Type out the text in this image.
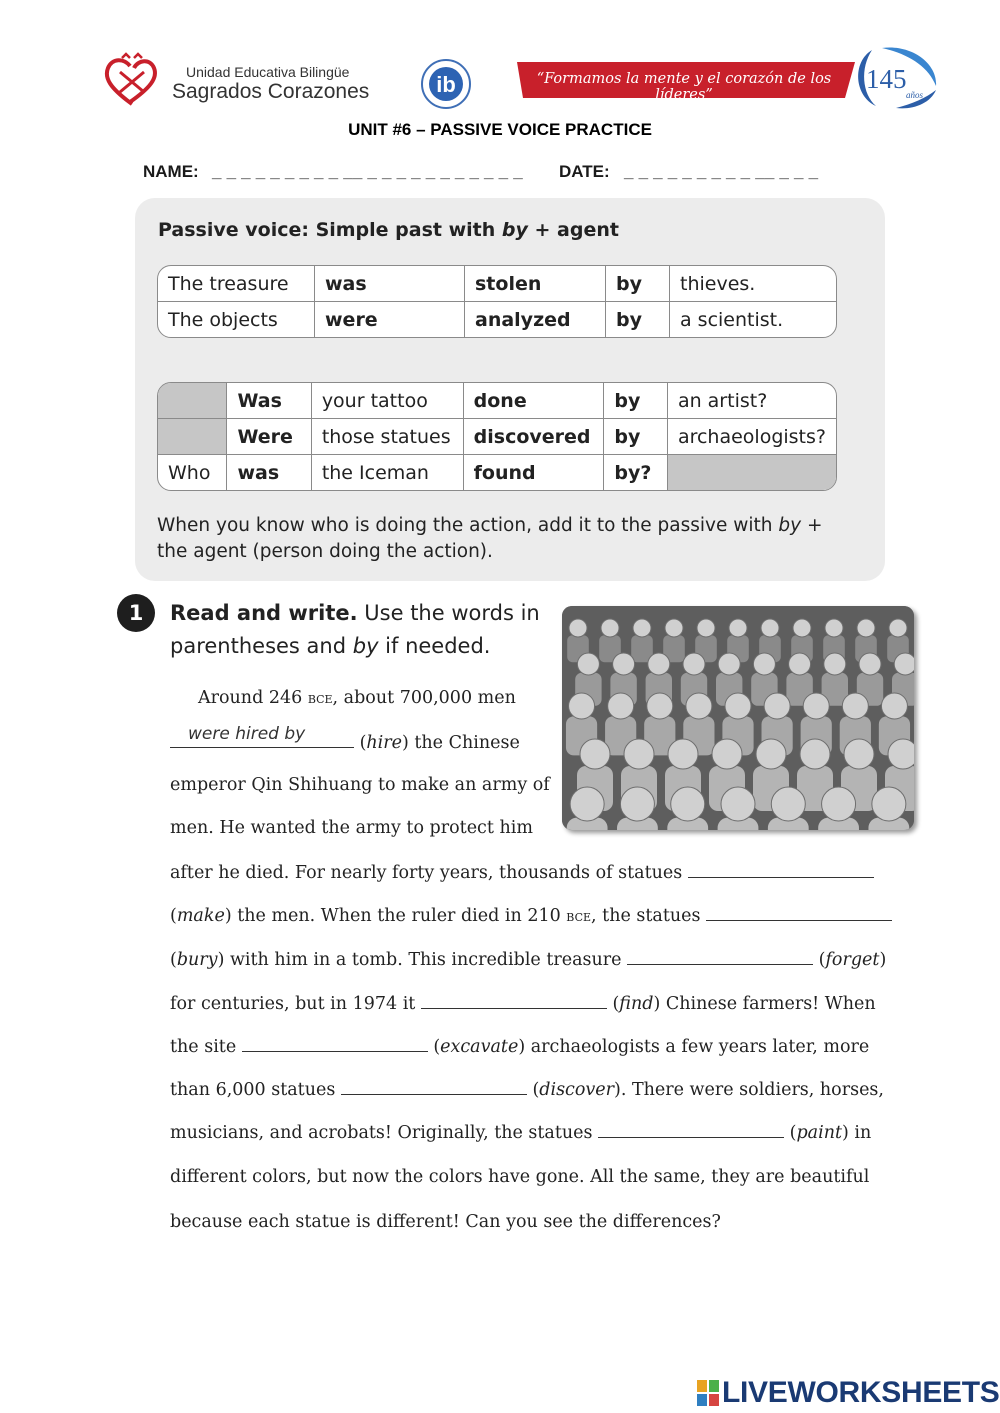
Unidad Educativa Bilingüe
Sagrados Corazones	ib	“Formamos la mente y el corazón de los líderes”
145
años
UNIT #6 – PASSIVE VOICE PRACTICE
NAME: _ _ _ _ _ _ _ _ _ __ _ _ _ _ _ _ _ _ _ _ _ DATE: _ _ _ _ _ _ _ _ _ __ _ _ _
Passive voice: Simple past with by + agent
The treasure	was	stolen	by	thieves.
The objects	were	analyzed	by	a scientist.
	Was	your tattoo	done	by	an artist?
	Were	those statues	discovered	by	archaeologists?
Who	was	the Iceman	found	by?	
When you know who is doing the action, add it to the passive with by + the agent (person doing the action).
1	Read and write. Use the words in parentheses and by if needed.
Around 246 bce, about 700,000 men
(hire) the Chinese
were hired by
emperor Qin Shihuang to make an army of
men. He wanted the army to protect him
after he died. For nearly forty years, thousands of statues
(make) the men. When the ruler died in 210 bce, the statues
(bury) with him in a tomb. This incredible treasure	(forget)
for centuries, but in 1974 it	(find) Chinese farmers! When
the site	(excavate) archaeologists a few years later, more
than 6,000 statues	(discover). There were soldiers, horses,
musicians, and acrobats! Originally, the statues	(paint) in
different colors, but now the colors have gone. All the same, they are beautiful
because each statue is different! Can you see the differences?
LIVEWORKSHEETS
